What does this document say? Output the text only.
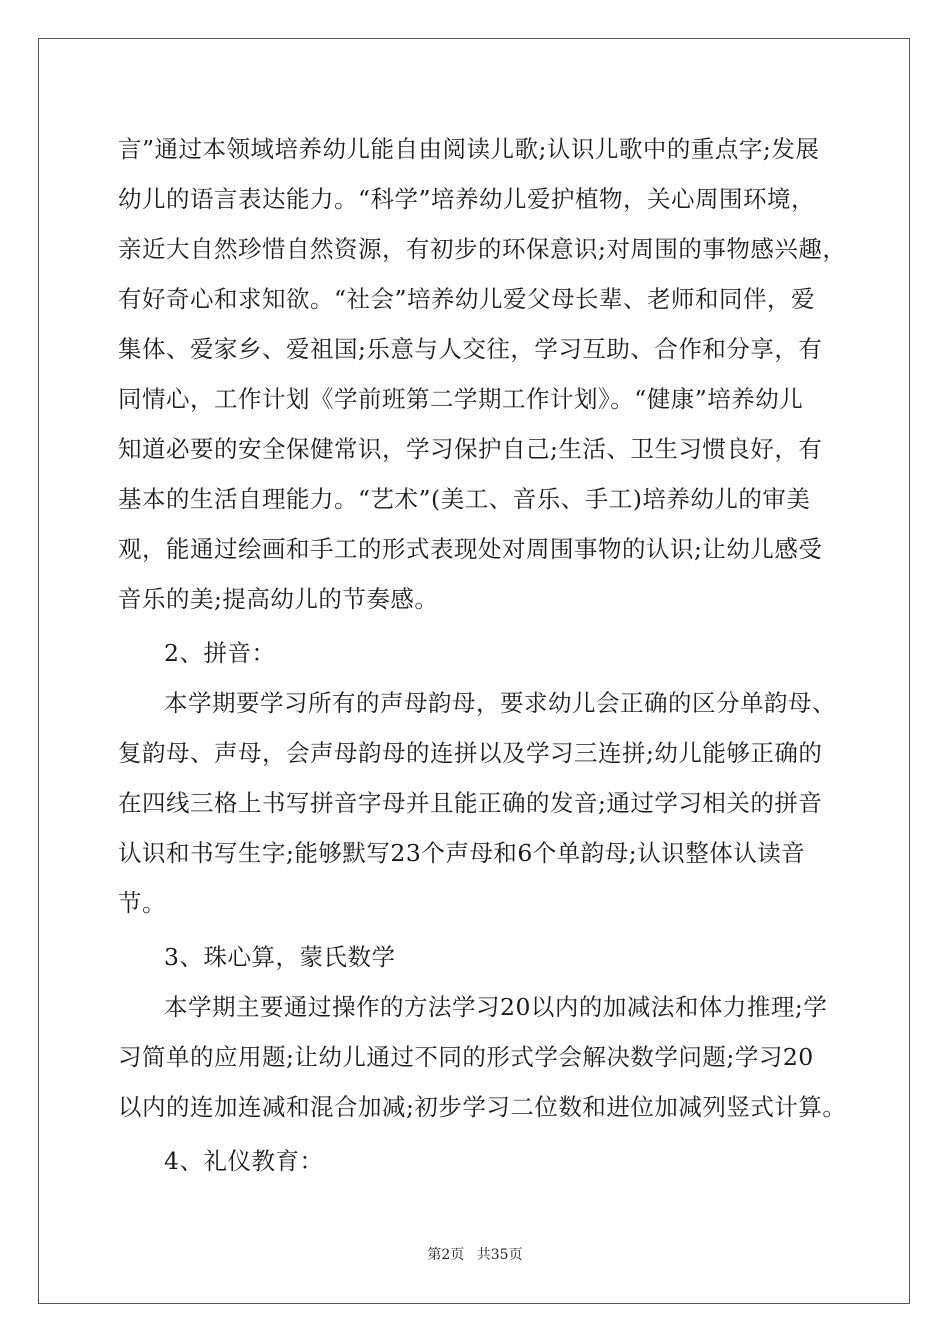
言”通过本领域培养幼儿能自由阅读儿歌;认识儿歌中的重点字;发展
幼儿的语言表达能力。“科学”培养幼儿爱护植物，关心周围环境，
亲近大自然珍惜自然资源，有初步的环保意识;对周围的事物感兴趣，
有好奇心和求知欲。“社会”培养幼儿爱父母长辈、老师和同伴，爱
集体、爱家乡、爱祖国;乐意与人交往，学习互助、合作和分享，有
同情心，工作计划《学前班第二学期工作计划》。“健康”培养幼儿
知道必要的安全保健常识，学习保护自己;生活、卫生习惯良好，有
基本的生活自理能力。“艺术”(美工、音乐、手工)培养幼儿的审美
观，能通过绘画和手工的形式表现处对周围事物的认识;让幼儿感受
音乐的美;提高幼儿的节奏感。
2、拼音：
本学期要学习所有的声母韵母，要求幼儿会正确的区分单韵母、
复韵母、声母，会声母韵母的连拼以及学习三连拼;幼儿能够正确的
在四线三格上书写拼音字母并且能正确的发音;通过学习相关的拼音
认识和书写生字;能够默写23个声母和6个单韵母;认识整体认读音
节。
3、珠心算，蒙氏数学
本学期主要通过操作的方法学习20以内的加减法和体力推理;学
习简单的应用题;让幼儿通过不同的形式学会解决数学问题;学习20
以内的连加连减和混合加减;初步学习二位数和进位加减列竖式计算。
4、礼仪教育：
第2页 共35页
